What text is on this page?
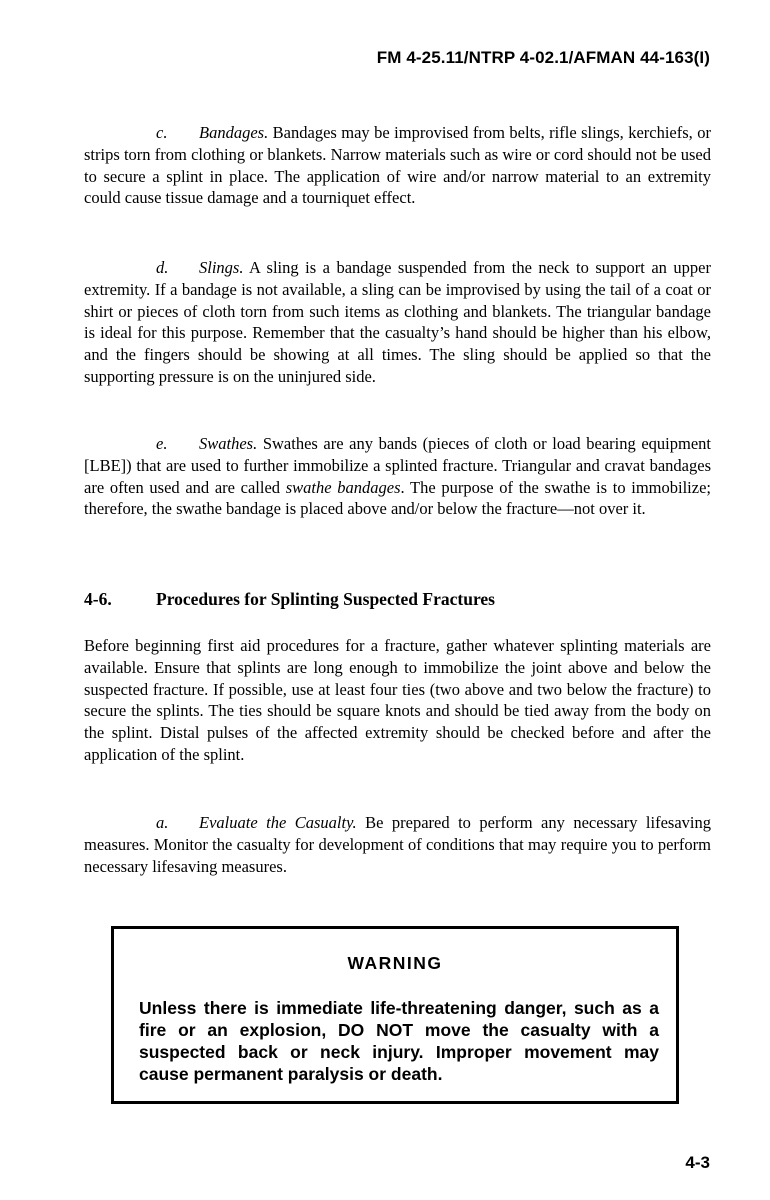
FM 4-25.11/NTRP 4-02.1/AFMAN 44-163(I)

c. Bandages. Bandages may be improvised from belts, rifle slings, kerchiefs, or strips torn from clothing or blankets. Narrow materials such as wire or cord should not be used to secure a splint in place. The application of wire and/or narrow material to an extremity could cause tissue damage and a tourniquet effect.

d. Slings. A sling is a bandage suspended from the neck to support an upper extremity. If a bandage is not available, a sling can be improvised by using the tail of a coat or shirt or pieces of cloth torn from such items as clothing and blankets. The triangular bandage is ideal for this purpose. Remember that the casualty’s hand should be higher than his elbow, and the fingers should be showing at all times. The sling should be applied so that the supporting pressure is on the uninjured side.

e. Swathes. Swathes are any bands (pieces of cloth or load bearing equipment [LBE]) that are used to further immobilize a splinted fracture. Triangular and cravat bandages are often used and are called swathe bandages. The purpose of the swathe is to immobilize; therefore, the swathe bandage is placed above and/or below the fracture—not over it.

4-6.	Procedures for Splinting Suspected Fractures

Before beginning first aid procedures for a fracture, gather whatever splinting materials are available. Ensure that splints are long enough to immobilize the joint above and below the suspected fracture. If possible, use at least four ties (two above and two below the fracture) to secure the splints. The ties should be square knots and should be tied away from the body on the splint. Distal pulses of the affected extremity should be checked before and after the application of the splint.

a. Evaluate the Casualty. Be prepared to perform any necessary lifesaving measures. Monitor the casualty for development of conditions that may require you to perform necessary lifesaving measures.

WARNING
Unless there is immediate life-threatening danger, such as a fire or an explosion, DO NOT move the casualty with a suspected back or neck injury. Improper movement may cause permanent paralysis or death.
4-3
